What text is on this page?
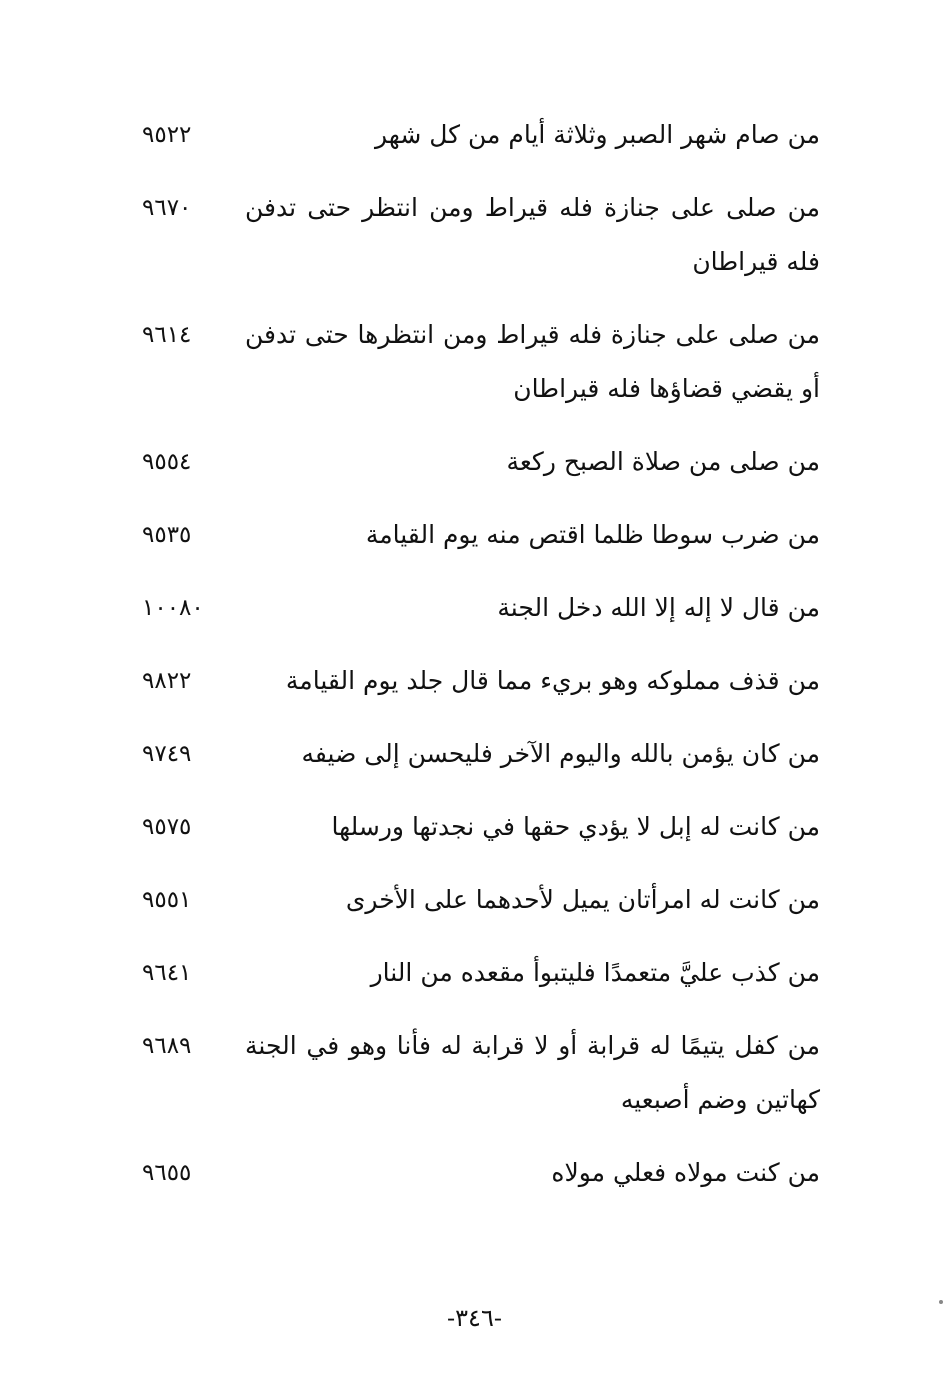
من صام شهر الصبر وثلاثة أيام من كل شهر
٩٥٢٢
من صلى على جنازة فله قيراط ومن انتظر حتى تدفن فله قيراطان
٩٦٧٠
من صلى على جنازة فله قيراط ومن انتظرها حتى تدفن أو يقضي قضاؤها فله قيراطان
٩٦١٤
من صلى من صلاة الصبح ركعة
٩٥٥٤
من ضرب سوطا ظلما اقتص منه يوم القيامة
٩٥٣٥
من قال لا إله إلا الله دخل الجنة
١٠٠٨٠
من قذف مملوكه وهو بريء مما قال جلد يوم القيامة
٩٨٢٢
من كان يؤمن بالله واليوم الآخر فليحسن إلى ضيفه
٩٧٤٩
من كانت له إبل لا يؤدي حقها في نجدتها ورسلها
٩٥٧٥
من كانت له امرأتان يميل لأحدهما على الأخرى
٩٥٥١
من كذب عليَّ متعمدًا فليتبوأ مقعده من النار
٩٦٤١
من كفل يتيمًا له قرابة أو لا قرابة له فأنا وهو في الجنة كهاتين وضم أصبعيه
٩٦٨٩
من كنت مولاه فعلي مولاه
٩٦٥٥
-٣٤٦-
